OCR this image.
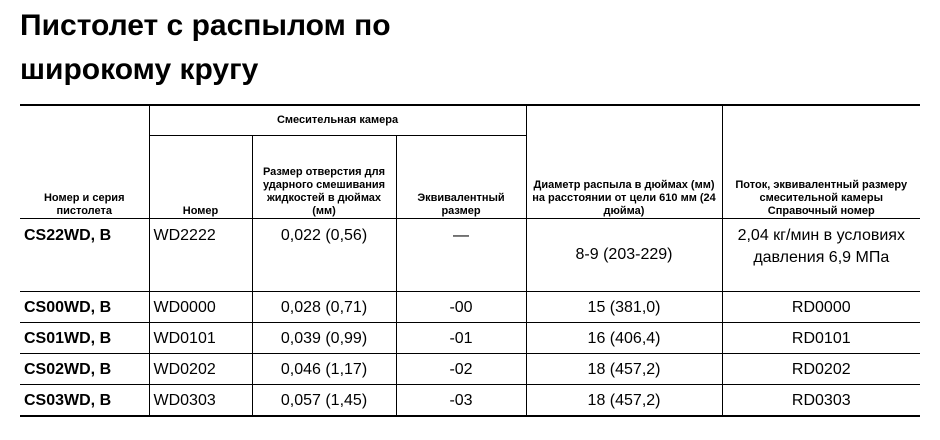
Пистолет с распылом по
широкому кругу
Номер и серия пистолета	Смесительная камера			Диаметр распыла в дюймах (мм) на расстоянии от цели 610 мм (24 дюйма)	Поток, эквивалентный размеру смесительной камеры Справочный номер
	Номер	Размер отверстия для ударного смешивания жидкостей в дюймах (мм)	Эквивалентный размер		
CS22WD, B	WD2222	0,022 (0,56)	—	8-9 (203-229)	2,04 кг/мин в условиях давления 6,9 МПа
CS00WD, B	WD0000	0,028 (0,71)	-00	15 (381,0)	RD0000
CS01WD, B	WD0101	0,039 (0,99)	-01	16 (406,4)	RD0101
CS02WD, B	WD0202	0,046 (1,17)	-02	18 (457,2)	RD0202
CS03WD, B	WD0303	0,057 (1,45)	-03	18 (457,2)	RD0303
